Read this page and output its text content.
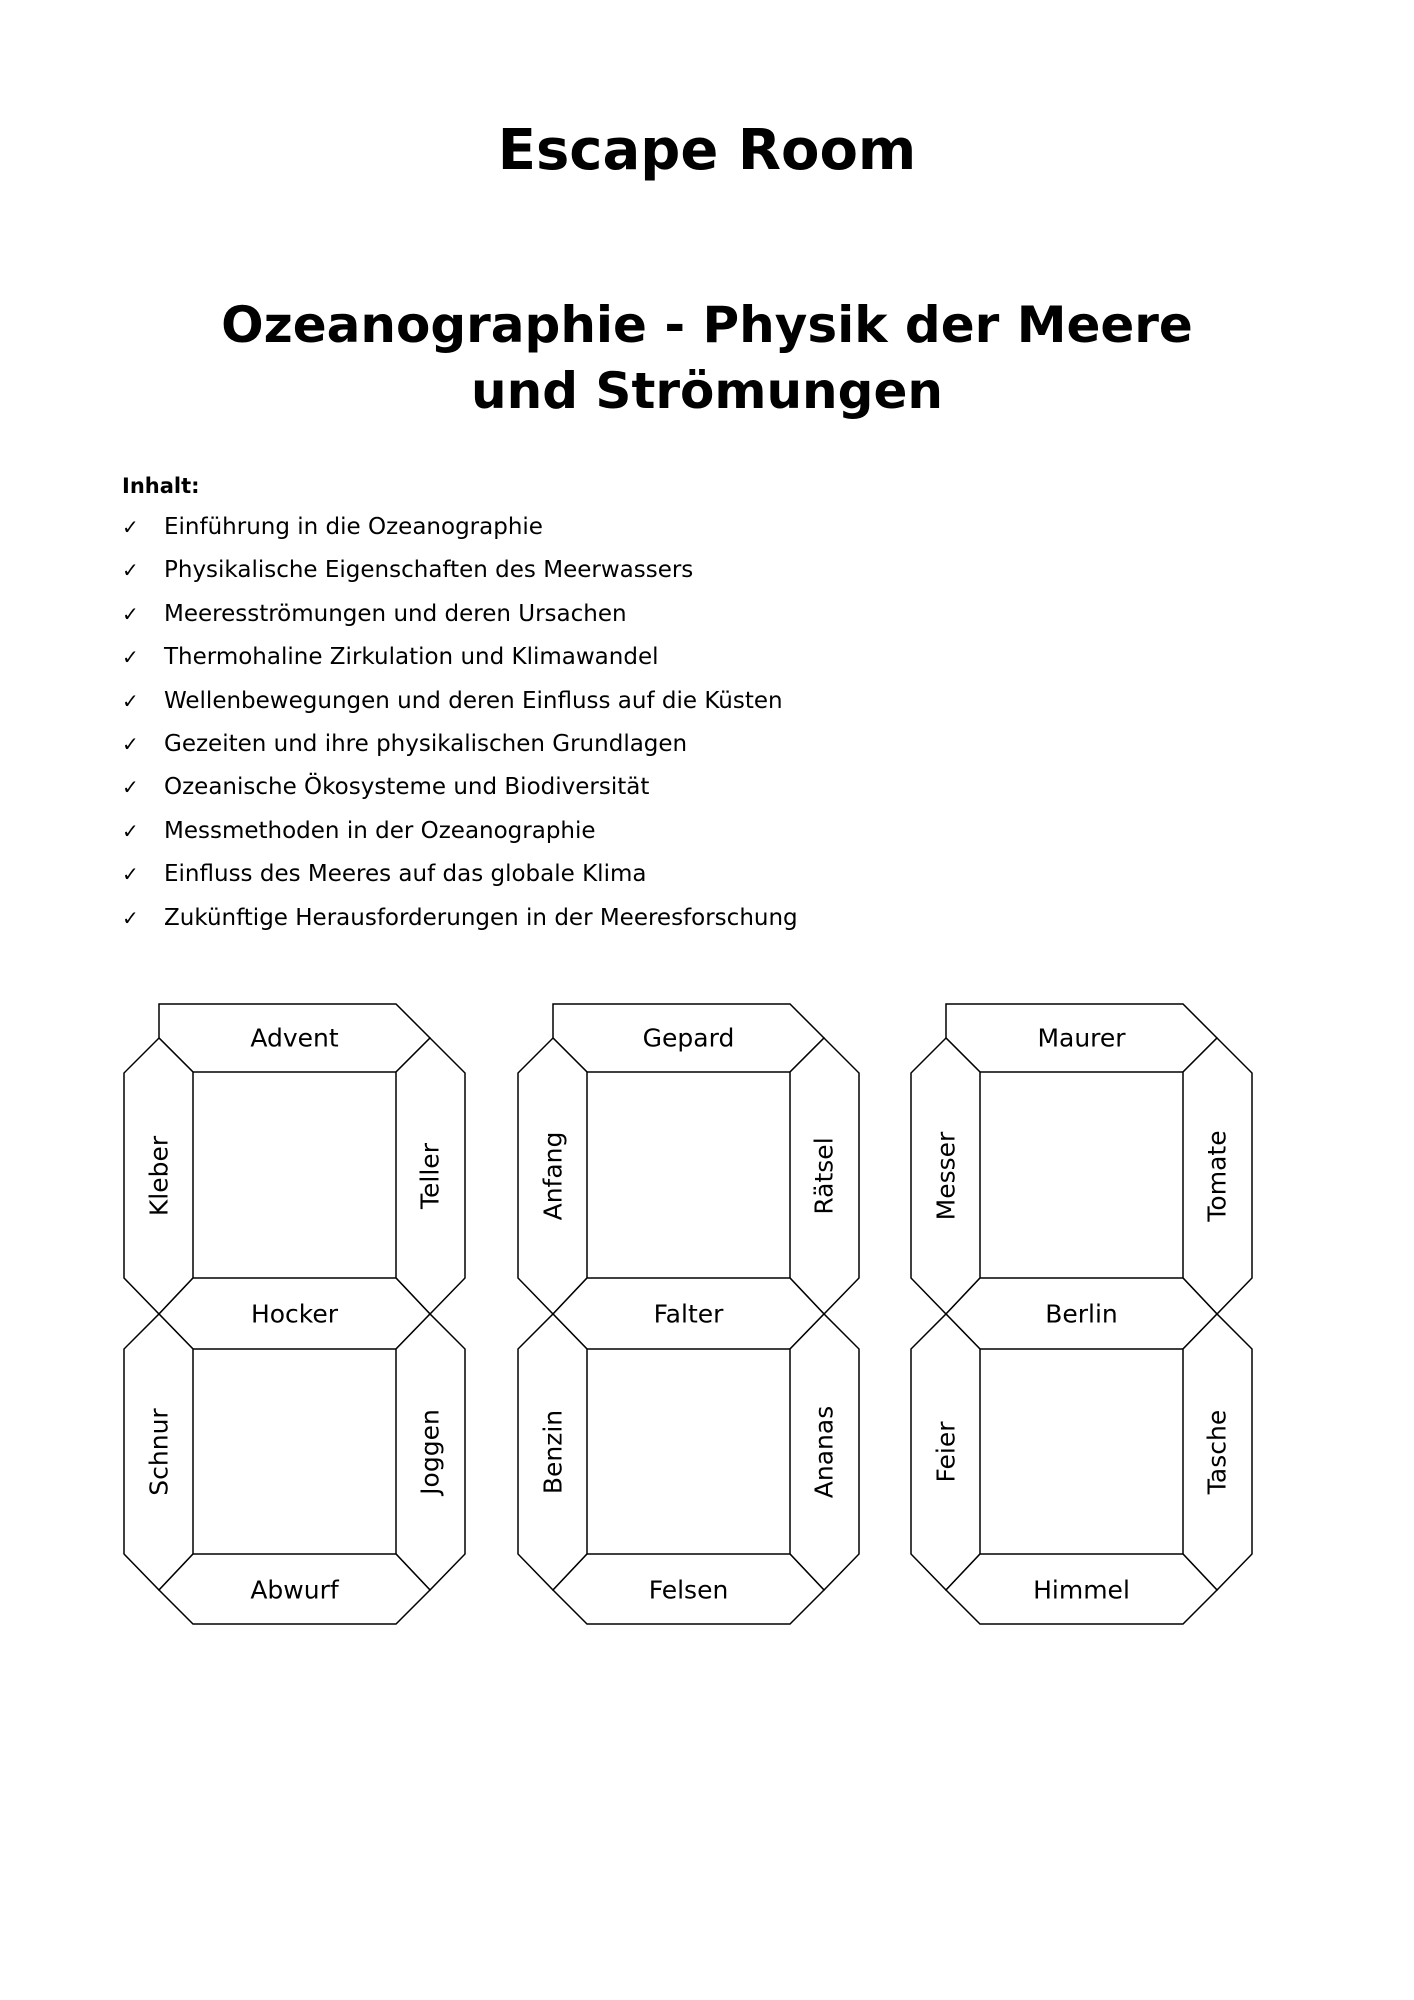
Escape Room
Ozeanographie - Physik der Meere und Strömungen
Inhalt:
✓ Einführung in die Ozeanographie
✓ Physikalische Eigenschaften des Meerwassers
✓ Meeresströmungen und deren Ursachen
✓ Thermohaline Zirkulation und Klimawandel
✓ Wellenbewegungen und deren Einfluss auf die Küsten
✓ Gezeiten und ihre physikalischen Grundlagen
✓ Ozeanische Ökosysteme und Biodiversität
✓ Messmethoden in der Ozeanographie
✓ Einfluss des Meeres auf das globale Klima
✓ Zukünftige Herausforderungen in der Meeresforschung
Advent
Hocker
Abwurf
Kleber
Schnur
Teller
Joggen
Gepard
Falter
Felsen
Anfang
Benzin
Rätsel
Ananas
Maurer
Berlin
Himmel
Messer
Feier
Tomate
Tasche
